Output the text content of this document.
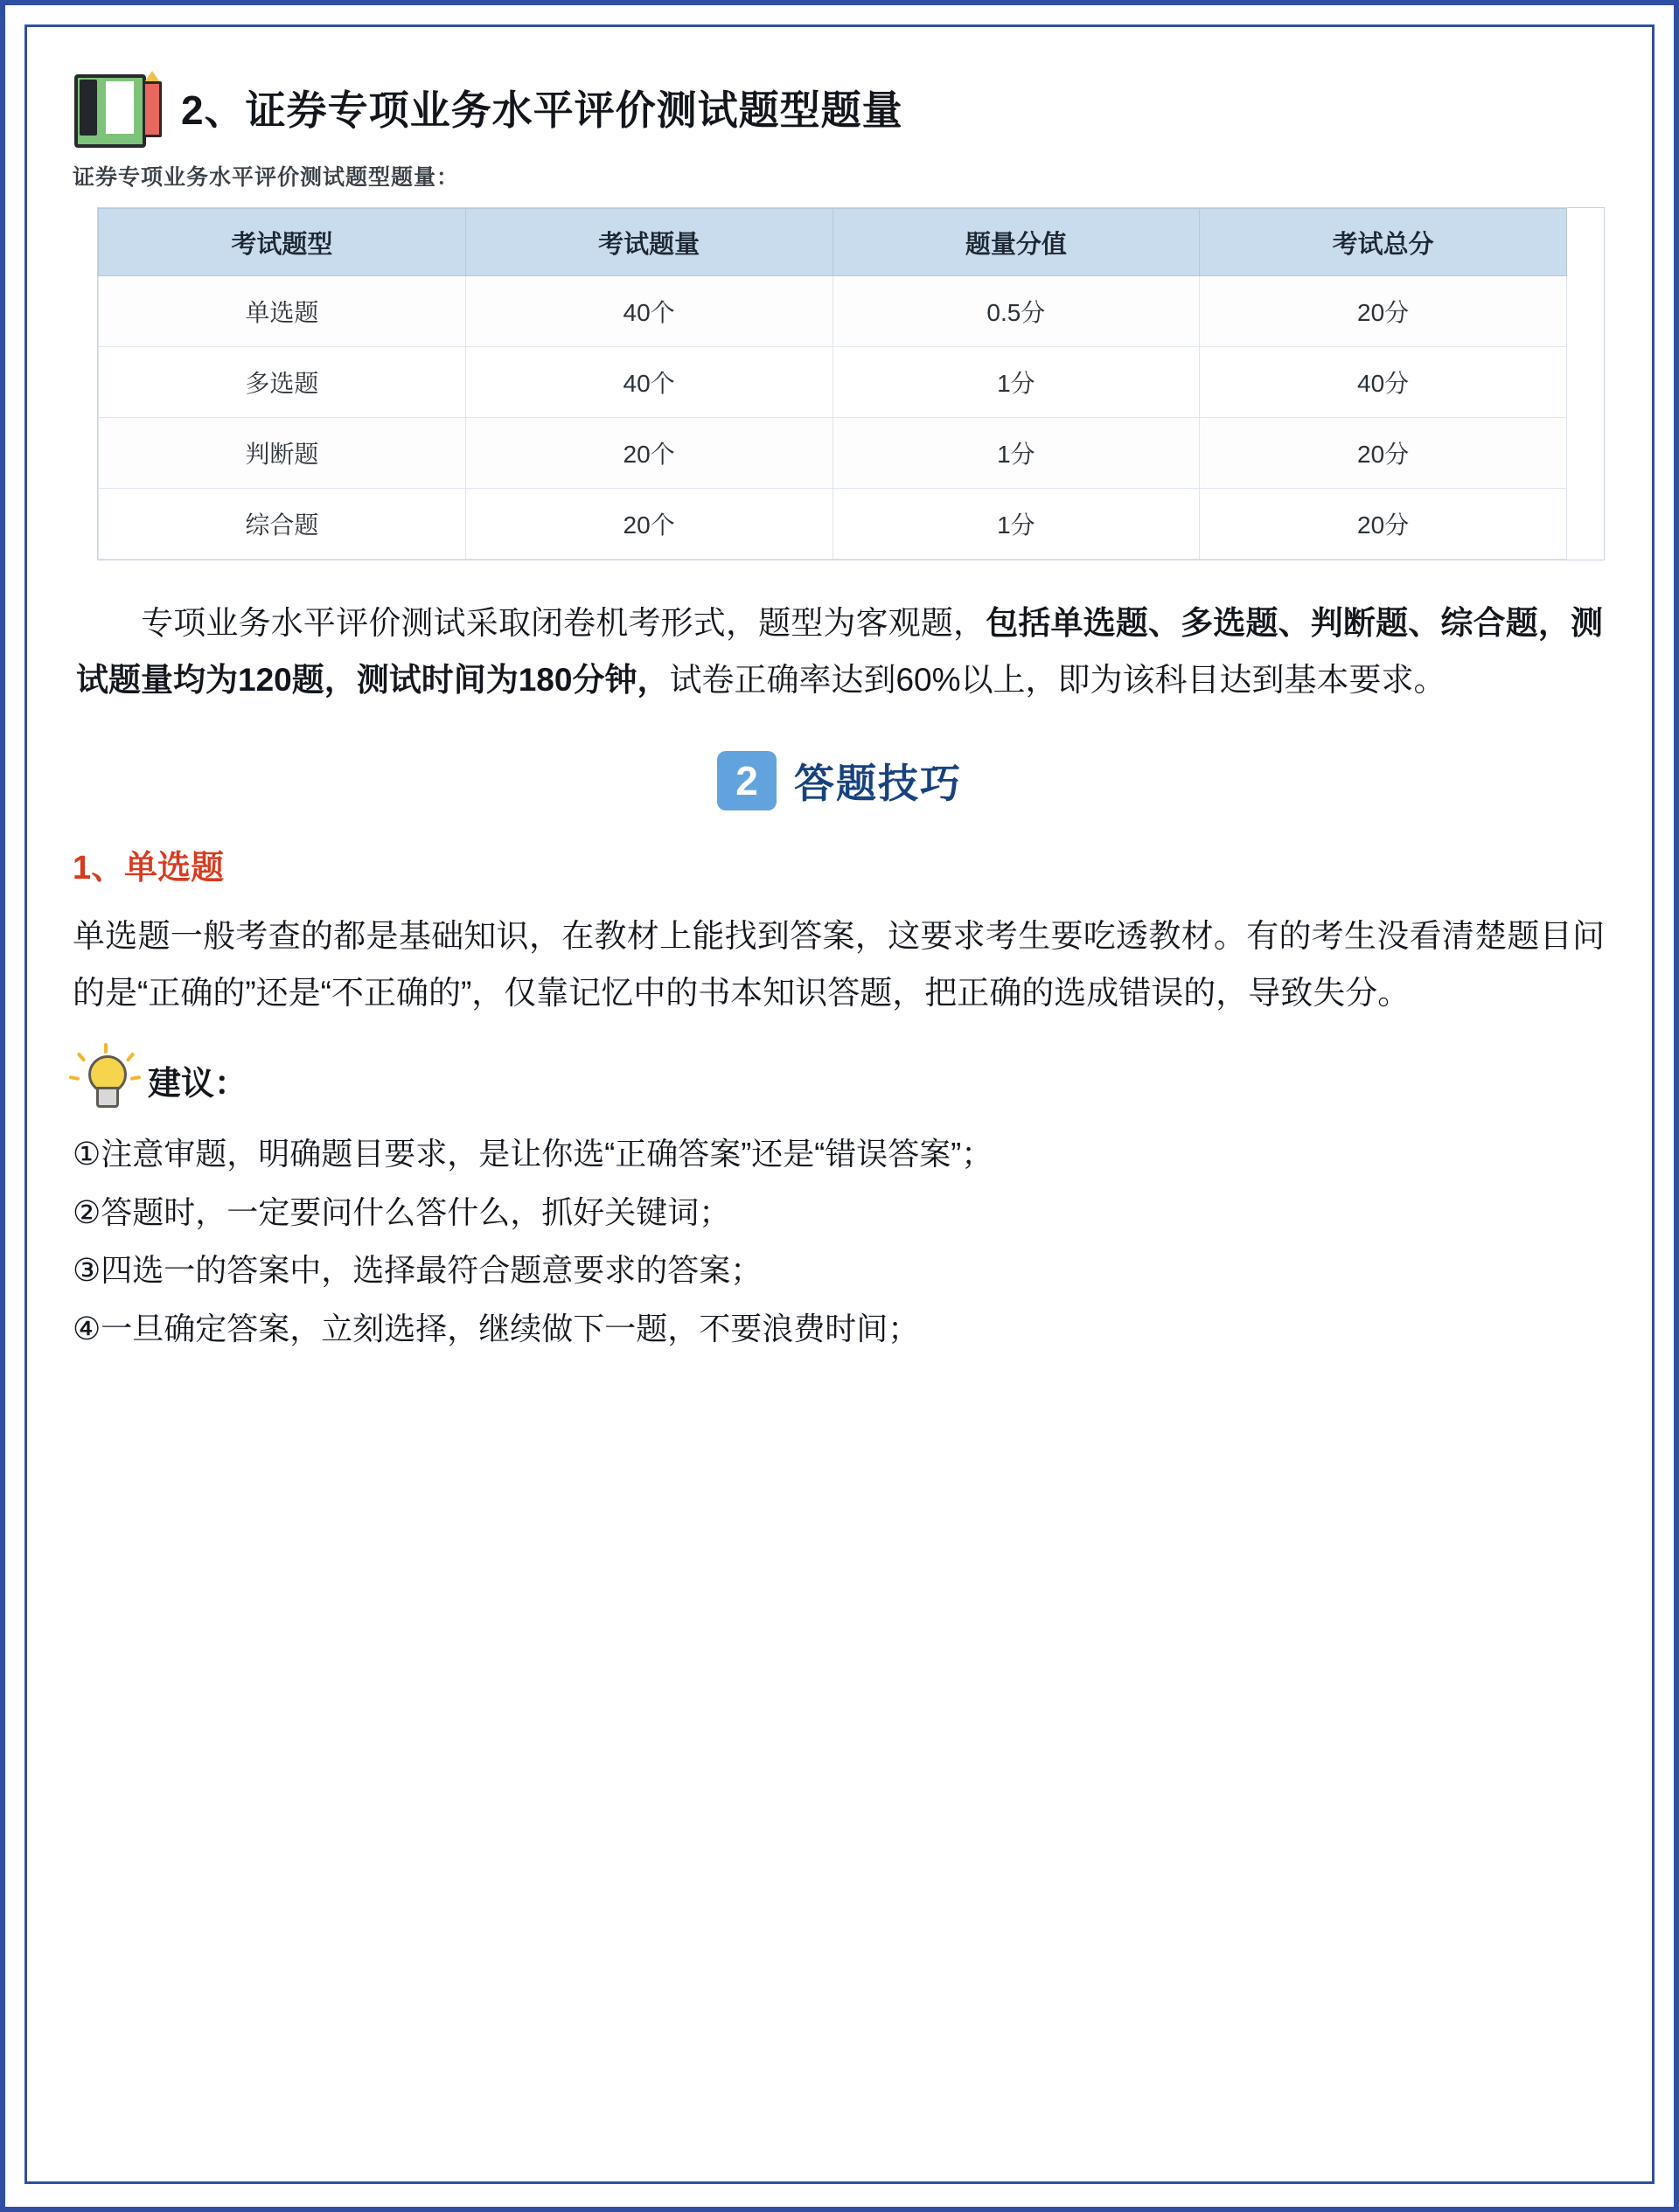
2、证券专项业务水平评价测试题型题量
证券专项业务水平评价测试题型题量：
考试题型	考试题量	题量分值	考试总分
单选题	40个	0.5分	20分
多选题	40个	1分	40分
判断题	20个	1分	20分
综合题	20个	1分	20分

专项业务水平评价测试采取闭卷机考形式，题型为客观题，包括单选题、多选题、判断题、综合题，测试题量均为120题，测试时间为180分钟，试卷正确率达到60%以上，即为该科目达到基本要求。

2 答题技巧
1、单选题

单选题一般考查的都是基础知识，在教材上能找到答案，这要求考生要吃透教材。有的考生没看清楚题目问的是“正确的”还是“不正确的”，仅靠记忆中的书本知识答题，把正确的选成错误的，导致失分。

建议：
①注意审题，明确题目要求，是让你选“正确答案”还是“错误答案”；
②答题时，一定要问什么答什么，抓好关键词；
③四选一的答案中，选择最符合题意要求的答案；
④一旦确定答案，立刻选择，继续做下一题，不要浪费时间；
